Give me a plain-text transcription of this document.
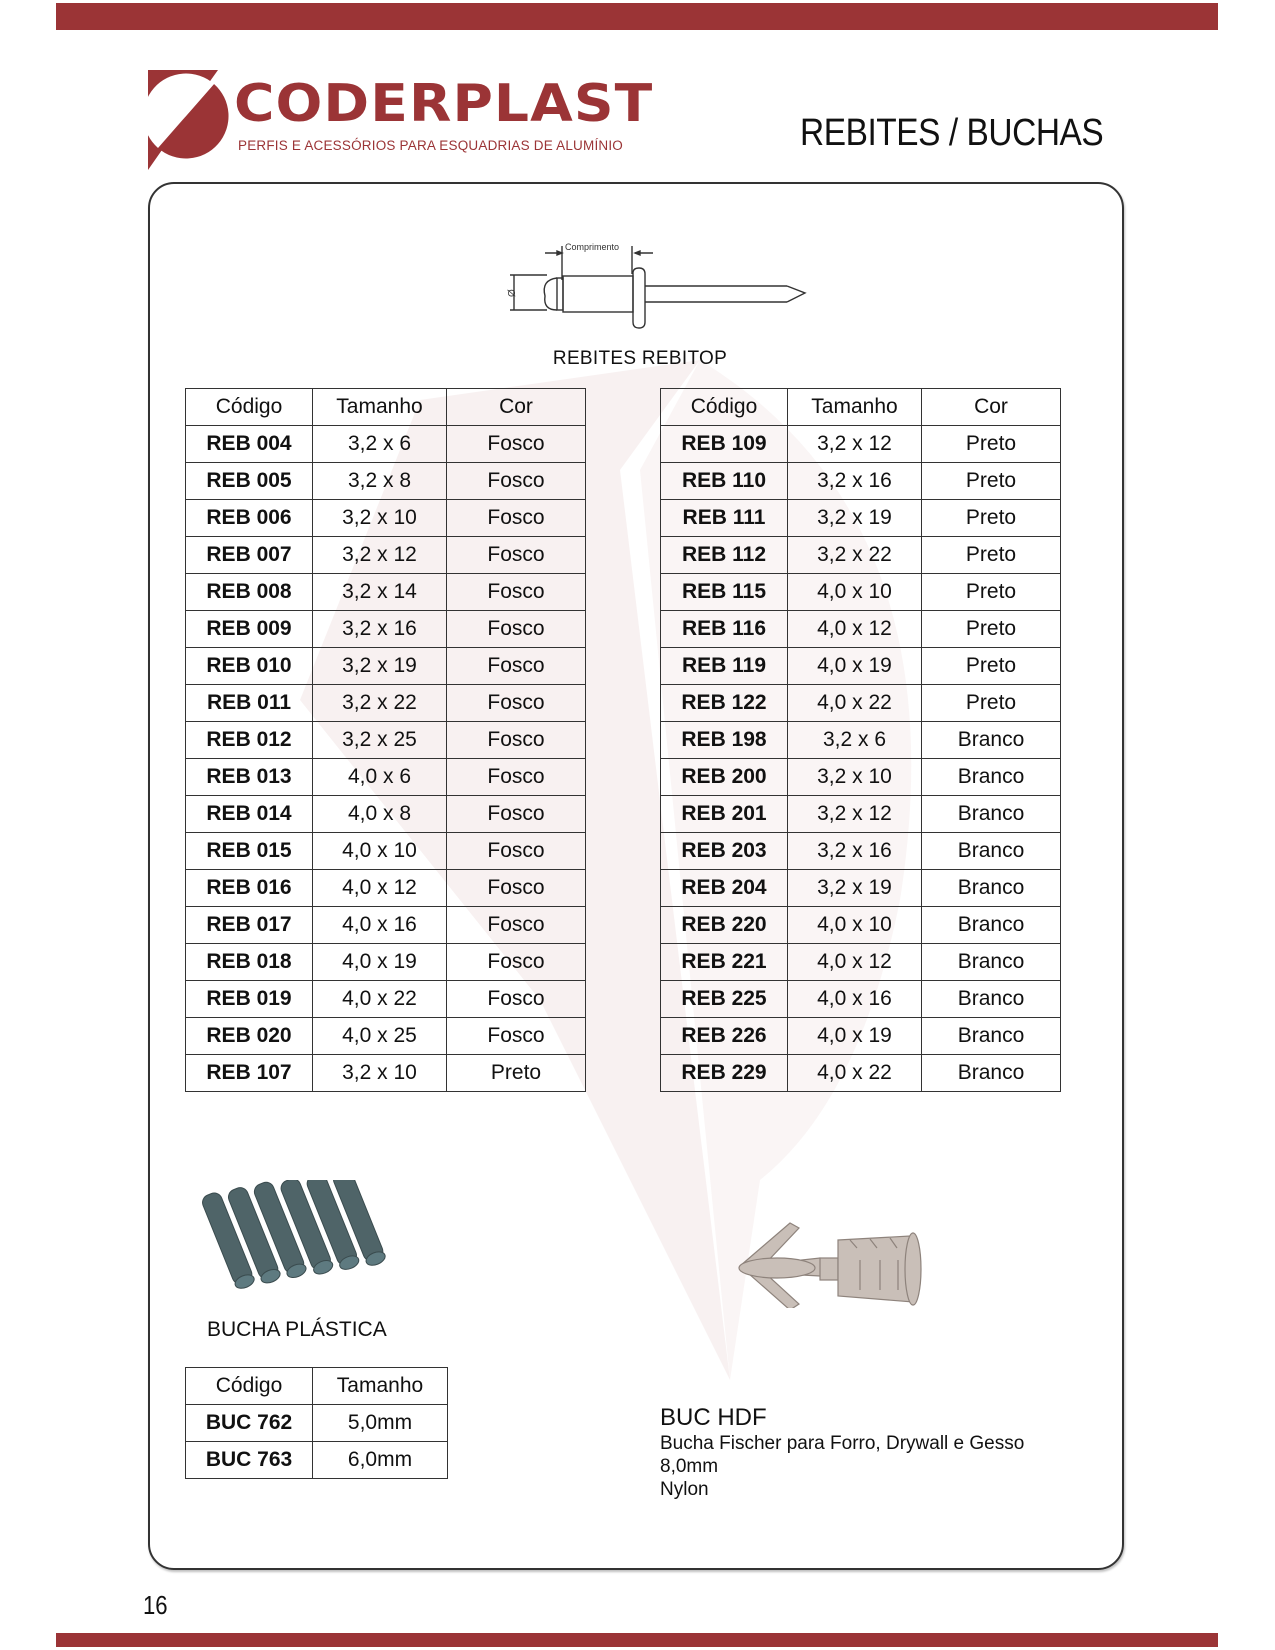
CODERPLAST
PERFIS E ACESSÓRIOS PARA ESQUADRIAS DE ALUMÍNIO	REBITES / BUCHAS
Comprimento
Ø
REBITES REBITOP
Código	Tamanho	Cor
REB 004	3,2 x 6	Fosco
REB 005	3,2 x 8	Fosco
REB 006	3,2 x 10	Fosco
REB 007	3,2 x 12	Fosco
REB 008	3,2 x 14	Fosco
REB 009	3,2 x 16	Fosco
REB 010	3,2 x 19	Fosco
REB 011	3,2 x 22	Fosco
REB 012	3,2 x 25	Fosco
REB 013	4,0 x 6	Fosco
REB 014	4,0 x 8	Fosco
REB 015	4,0 x 10	Fosco
REB 016	4,0 x 12	Fosco
REB 017	4,0 x 16	Fosco
REB 018	4,0 x 19	Fosco
REB 019	4,0 x 22	Fosco
REB 020	4,0 x 25	Fosco
REB 107	3,2 x 10	Preto
Código	Tamanho	Cor
REB 109	3,2 x 12	Preto
REB 110	3,2 x 16	Preto
REB 111	3,2 x 19	Preto
REB 112	3,2 x 22	Preto
REB 115	4,0 x 10	Preto
REB 116	4,0 x 12	Preto
REB 119	4,0 x 19	Preto
REB 122	4,0 x 22	Preto
REB 198	3,2 x 6	Branco
REB 200	3,2 x 10	Branco
REB 201	3,2 x 12	Branco
REB 203	3,2 x 16	Branco
REB 204	3,2 x 19	Branco
REB 220	4,0 x 10	Branco
REB 221	4,0 x 12	Branco
REB 225	4,0 x 16	Branco
REB 226	4,0 x 19	Branco
REB 229	4,0 x 22	Branco
BUCHA PLÁSTICA
Código	Tamanho
BUC 762	5,0mm
BUC 763	6,0mm
BUC HDF
Bucha Fischer para Forro, Drywall e Gesso
8,0mm
Nylon
16
